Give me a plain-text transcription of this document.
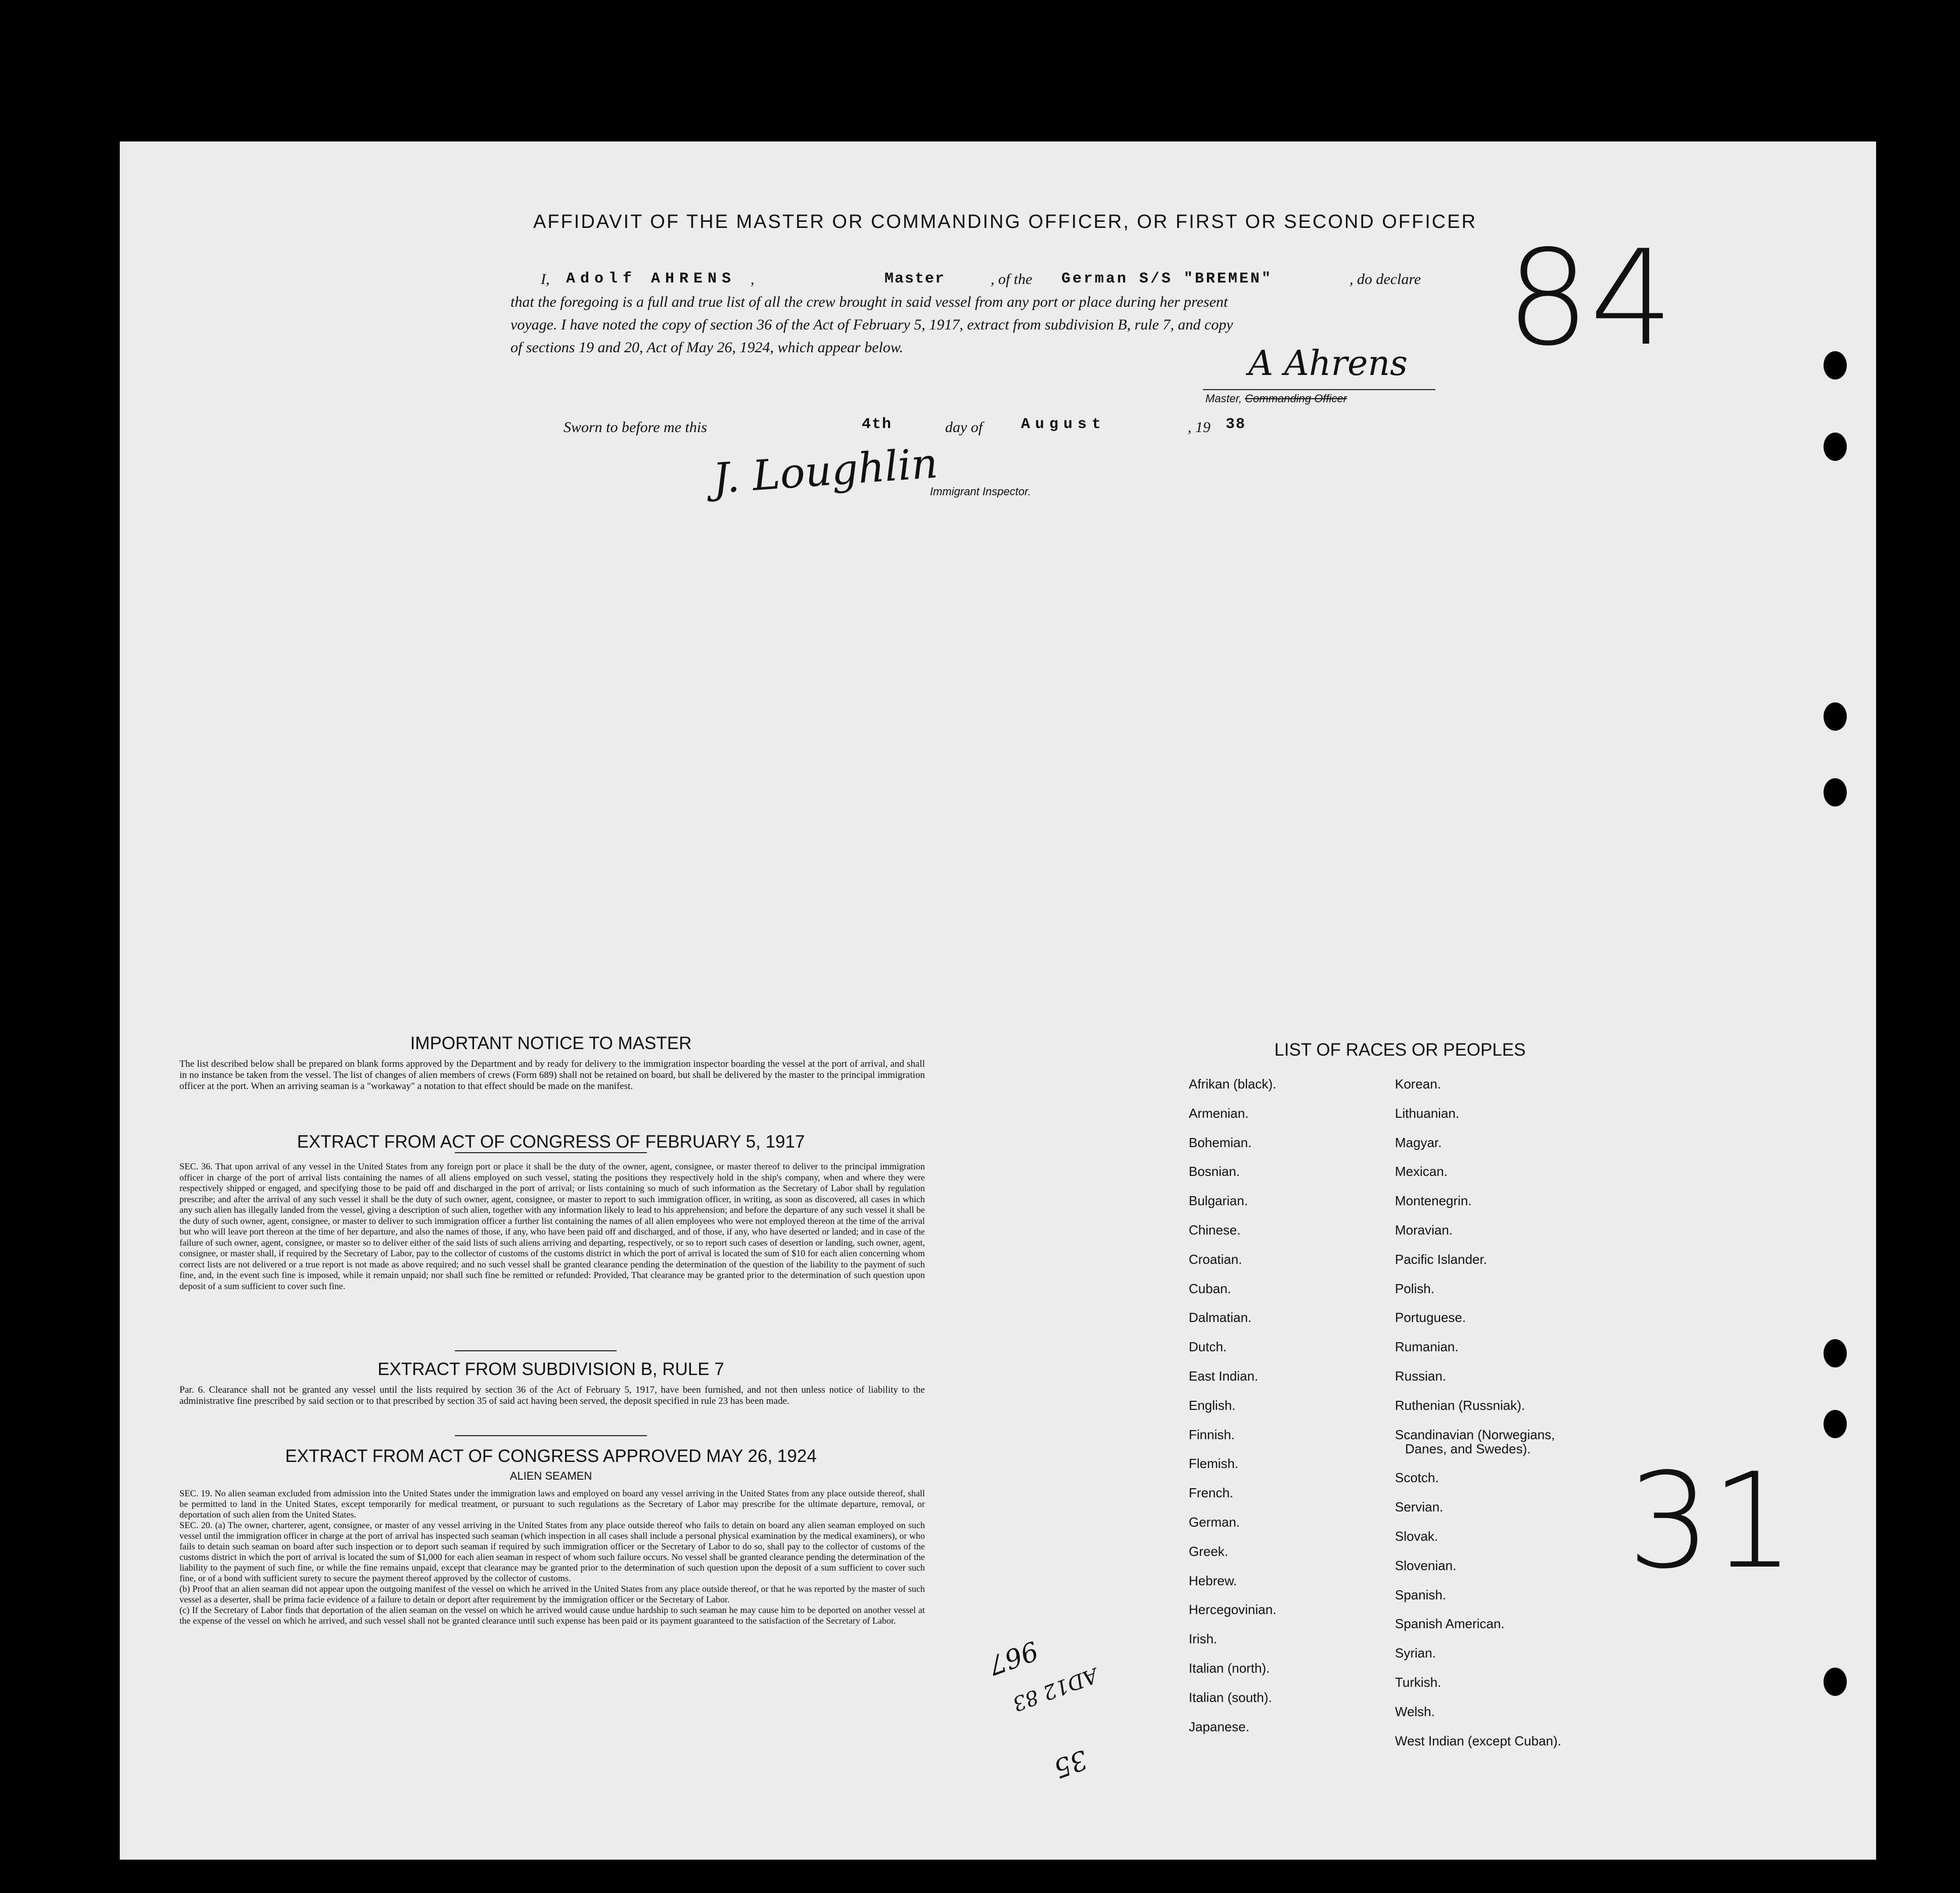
AFFIDAVIT OF THE MASTER OR COMMANDING OFFICER, OR FIRST OR SECOND OFFICER
I, Adolf AHRENS ,	Master	, of the German S/S "BREMEN"	, do declare
that the foregoing is a full and true list of all the crew brought in said vessel from any port or place during her present
voyage. I have noted the copy of section 36 of the Act of February 5, 1917, extract from subdivision B, rule 7, and copy
of sections 19 and 20, Act of May 26, 1924, which appear below.	A Ahrens
Master, Commanding Officer
Sworn to before me this	4th	day of	August	, 19 38
J. Loughlin
Immigrant Inspector.
84
31
967
AD12 83
35
IMPORTANT NOTICE TO MASTER
The list described below shall be prepared on blank forms approved by the Department and by ready for delivery to the immigration inspector boarding the vessel at the port of arrival, and shall in no instance be taken from the vessel. The list of changes of alien members of crews (Form 689) shall not be retained on board, but shall be delivered by the master to the principal immigration officer at the port. When an arriving seaman is a "workaway" a notation to that effect should be made on the manifest.
EXTRACT FROM ACT OF CONGRESS OF FEBRUARY 5, 1917
SEC. 36. That upon arrival of any vessel in the United States from any foreign port or place it shall be the duty of the owner, agent, consignee, or master thereof to deliver to the principal immigration officer in charge of the port of arrival lists containing the names of all aliens employed on such vessel, stating the positions they respectively hold in the ship's company, when and where they were respectively shipped or engaged, and specifying those to be paid off and discharged in the port of arrival; or lists containing so much of such information as the Secretary of Labor shall by regulation prescribe; and after the arrival of any such vessel it shall be the duty of such owner, agent, consignee, or master to report to such immigration officer, in writing, as soon as discovered, all cases in which any such alien has illegally landed from the vessel, giving a description of such alien, together with any information likely to lead to his apprehension; and before the departure of any such vessel it shall be the duty of such owner, agent, consignee, or master to deliver to such immigration officer a further list containing the names of all alien employees who were not employed thereon at the time of the arrival but who will leave port thereon at the time of her departure, and also the names of those, if any, who have been paid off and discharged, and of those, if any, who have deserted or landed; and in case of the failure of such owner, agent, consignee, or master so to deliver either of the said lists of such aliens arriving and departing, respectively, or so to report such cases of desertion or landing, such owner, agent, consignee, or master shall, if required by the Secretary of Labor, pay to the collector of customs of the customs district in which the port of arrival is located the sum of $10 for each alien concerning whom correct lists are not delivered or a true report is not made as above required; and no such vessel shall be granted clearance pending the determination of the question of the liability to the payment of such fine, and, in the event such fine is imposed, while it remain unpaid; nor shall such fine be remitted or refunded: Provided, That clearance may be granted prior to the determination of such question upon deposit of a sum sufficient to cover such fine.
EXTRACT FROM SUBDIVISION B, RULE 7
Par. 6. Clearance shall not be granted any vessel until the lists required by section 36 of the Act of February 5, 1917, have been furnished, and not then unless notice of liability to the administrative fine prescribed by said section or to that prescribed by section 35 of said act having been served, the deposit specified in rule 23 has been made.
EXTRACT FROM ACT OF CONGRESS APPROVED MAY 26, 1924
ALIEN SEAMEN
SEC. 19. No alien seaman excluded from admission into the United States under the immigration laws and employed on board any vessel arriving in the United States from any place outside thereof, shall be permitted to land in the United States, except temporarily for medical treatment, or pursuant to such regulations as the Secretary of Labor may prescribe for the ultimate departure, removal, or deportation of such alien from the United States.
SEC. 20. (a) The owner, charterer, agent, consignee, or master of any vessel arriving in the United States from any place outside thereof who fails to detain on board any alien seaman employed on such vessel until the immigration officer in charge at the port of arrival has inspected such seaman (which inspection in all cases shall include a personal physical examination by the medical examiners), or who fails to detain such seaman on board after such inspection or to deport such seaman if required by such immigration officer or the Secretary of Labor to do so, shall pay to the collector of customs of the customs district in which the port of arrival is located the sum of $1,000 for each alien seaman in respect of whom such failure occurs. No vessel shall be granted clearance pending the determination of the liability to the payment of such fine, or while the fine remains unpaid, except that clearance may be granted prior to the determination of such question upon the deposit of a sum sufficient to cover such fine, or of a bond with sufficient surety to secure the payment thereof approved by the collector of customs.
(b) Proof that an alien seaman did not appear upon the outgoing manifest of the vessel on which he arrived in the United States from any place outside thereof, or that he was reported by the master of such vessel as a deserter, shall be prima facie evidence of a failure to detain or deport after requirement by the immigration officer or the Secretary of Labor.
(c) If the Secretary of Labor finds that deportation of the alien seaman on the vessel on which he arrived would cause undue hardship to such seaman he may cause him to be deported on another vessel at the expense of the vessel on which he arrived, and such vessel shall not be granted clearance until such expense has been paid or its payment guaranteed to the satisfaction of the Secretary of Labor.
LIST OF RACES OR PEOPLES
Afrikan (black).
Armenian.
Bohemian.
Bosnian.
Bulgarian.
Chinese.
Croatian.
Cuban.
Dalmatian.
Dutch.
East Indian.
English.
Finnish.
Flemish.
French.
German.
Greek.
Hebrew.
Hercegovinian.
Irish.
Italian (north).
Italian (south).
Japanese.
Korean.
Lithuanian.
Magyar.
Mexican.
Montenegrin.
Moravian.
Pacific Islander.
Polish.
Portuguese.
Rumanian.
Russian.
Ruthenian (Russniak).
Scandinavian (Norwegians,
Danes, and Swedes).
Scotch.
Servian.
Slovak.
Slovenian.
Spanish.
Spanish American.
Syrian.
Turkish.
Welsh.
West Indian (except Cuban).
